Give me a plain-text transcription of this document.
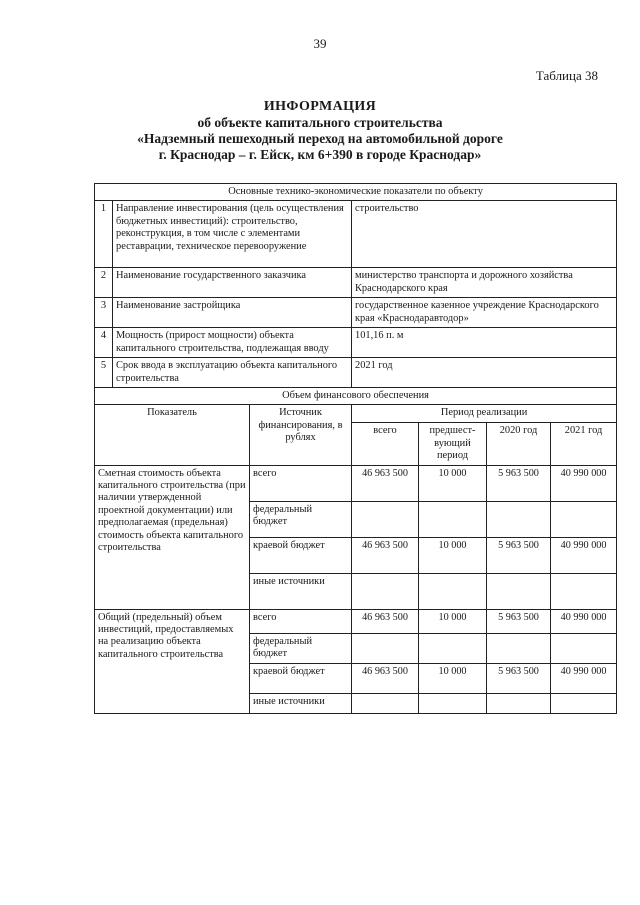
39
Таблица 38
ИНФОРМАЦИЯ
об объекте капитального строительства
«Надземный пешеходный переход на автомобильной дороге
г. Краснодар – г. Ейск, км 6+390 в городе Краснодар»
Основные технико-экономические показатели по объекту						
1	Направление инвестирования (цель осуществления бюджетных инвестиций): строительство, реконструкция, в том числе с элементами реставрации, техническое перевооружение		строительство			
2	Наименование государственного заказчика		министерство транспорта и дорожного хозяйства Краснодарского края			
3	Наименование застройщика		государственное казенное учреждение Краснодарского края «Краснодаравтодор»			
4	Мощность (прирост мощности) объекта капитального строительства, подлежащая вводу		101,16 п. м			
5	Срок ввода в эксплуатацию объекта капитального строительства		2021 год			
Объем финансового обеспечения						
Показатель		Источник финансирования, в рублях	Период реализации			
			всего	предшест-вующий период	2020 год	2021 год
Сметная стоимость объекта капитального строительства (при наличии утвержденной проектной документации) или предполагаемая (предельная) стоимость объекта капитального строительства		всего	46 963 500	10 000	5 963 500	40 990 000
		федеральный бюджет				
		краевой бюджет	46 963 500	10 000	5 963 500	40 990 000
		иные источники				
Общий (предельный) объем инвестиций, предоставляемых на реализацию объекта капитального строительства		всего	46 963 500	10 000	5 963 500	40 990 000
		федеральный бюджет				
		краевой бюджет	46 963 500	10 000	5 963 500	40 990 000
		иные источники				
